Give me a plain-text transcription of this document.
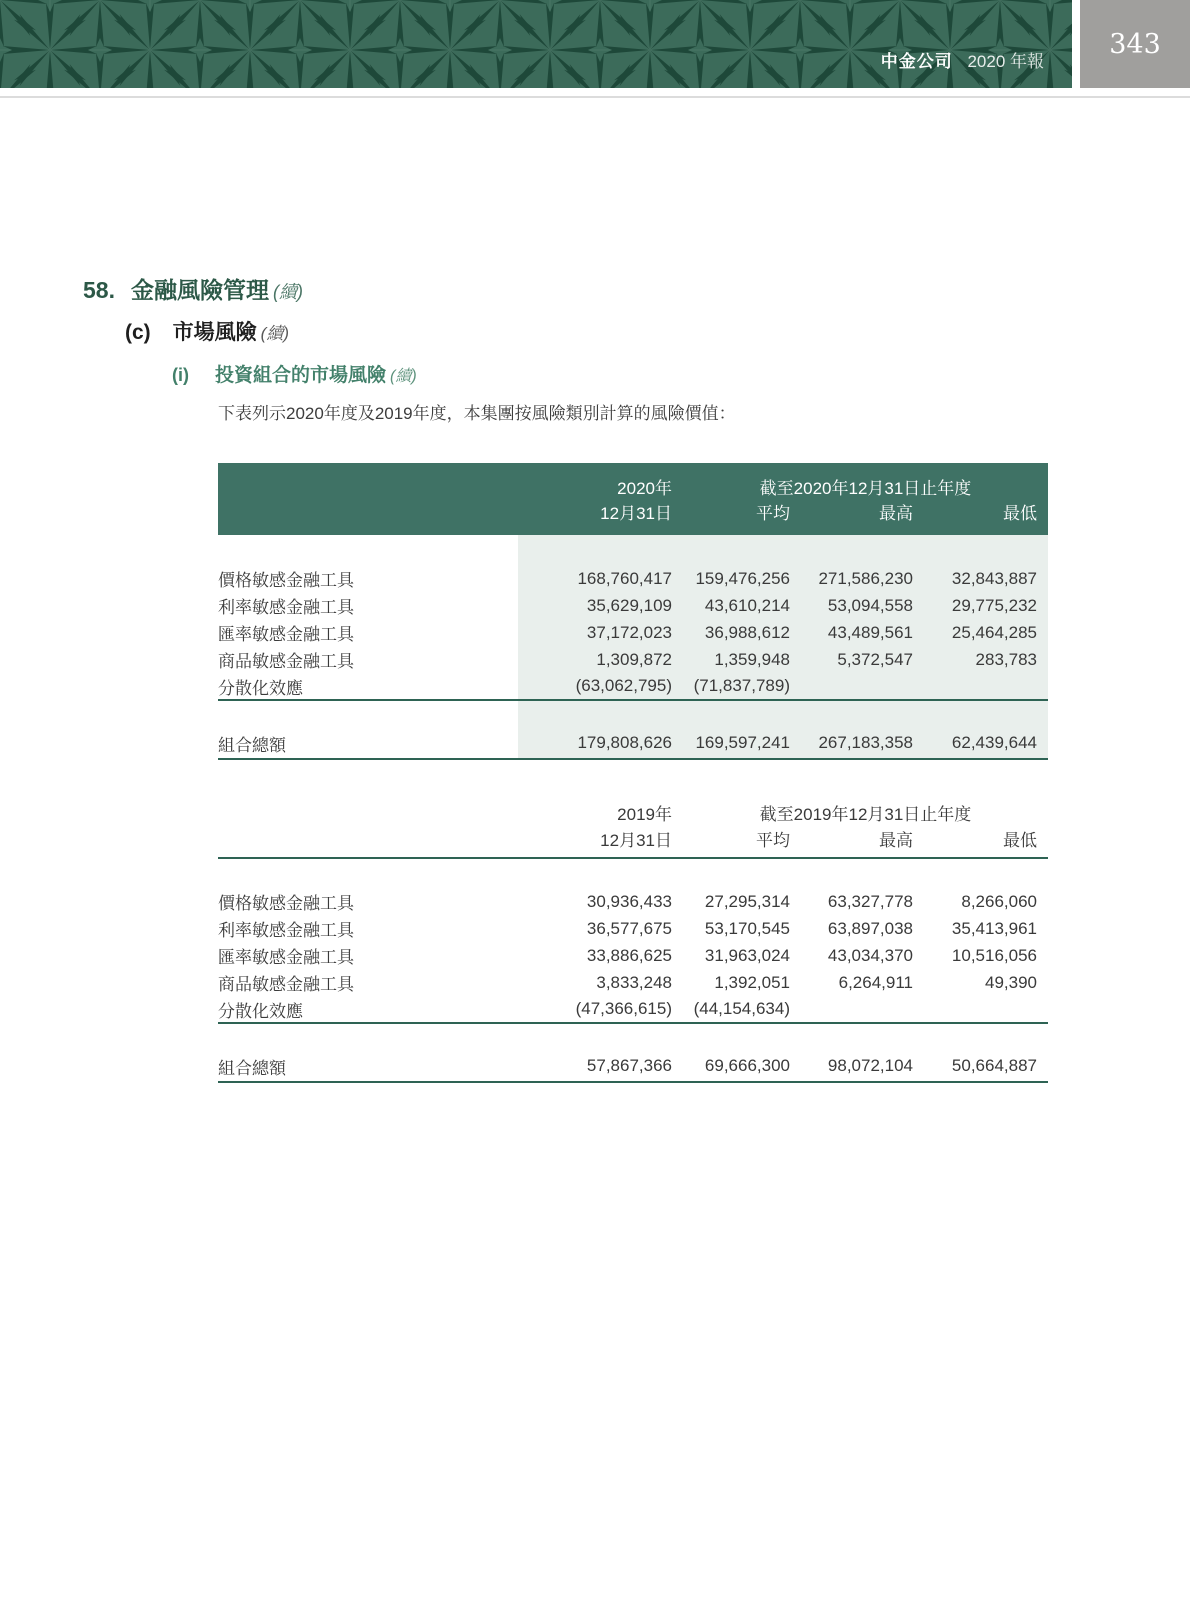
中金公司 2020 年報
343
58. 金融風險管理 (續)
(c) 市場風險 (續)
(i) 投資組合的市場風險 (續)
下表列示2020年度及2019年度，本集團按風險類別計算的風險價值：
	2020年	截至2020年12月31日止年度		
	12月31日	平均	最高	最低

價格敏感金融工具	168,760,417	159,476,256	271,586,230	32,843,887
利率敏感金融工具	35,629,109	43,610,214	53,094,558	29,775,232
匯率敏感金融工具	37,172,023	36,988,612	43,489,561	25,464,285
商品敏感金融工具	1,309,872	1,359,948	5,372,547	283,783
分散化效應	(63,062,795)	(71,837,789)		

組合總額	179,808,626	169,597,241	267,183,358	62,439,644
	2019年	截至2019年12月31日止年度		
	12月31日	平均	最高	最低

價格敏感金融工具	30,936,433	27,295,314	63,327,778	8,266,060
利率敏感金融工具	36,577,675	53,170,545	63,897,038	35,413,961
匯率敏感金融工具	33,886,625	31,963,024	43,034,370	10,516,056
商品敏感金融工具	3,833,248	1,392,051	6,264,911	49,390
分散化效應	(47,366,615)	(44,154,634)		

組合總額	57,867,366	69,666,300	98,072,104	50,664,887
